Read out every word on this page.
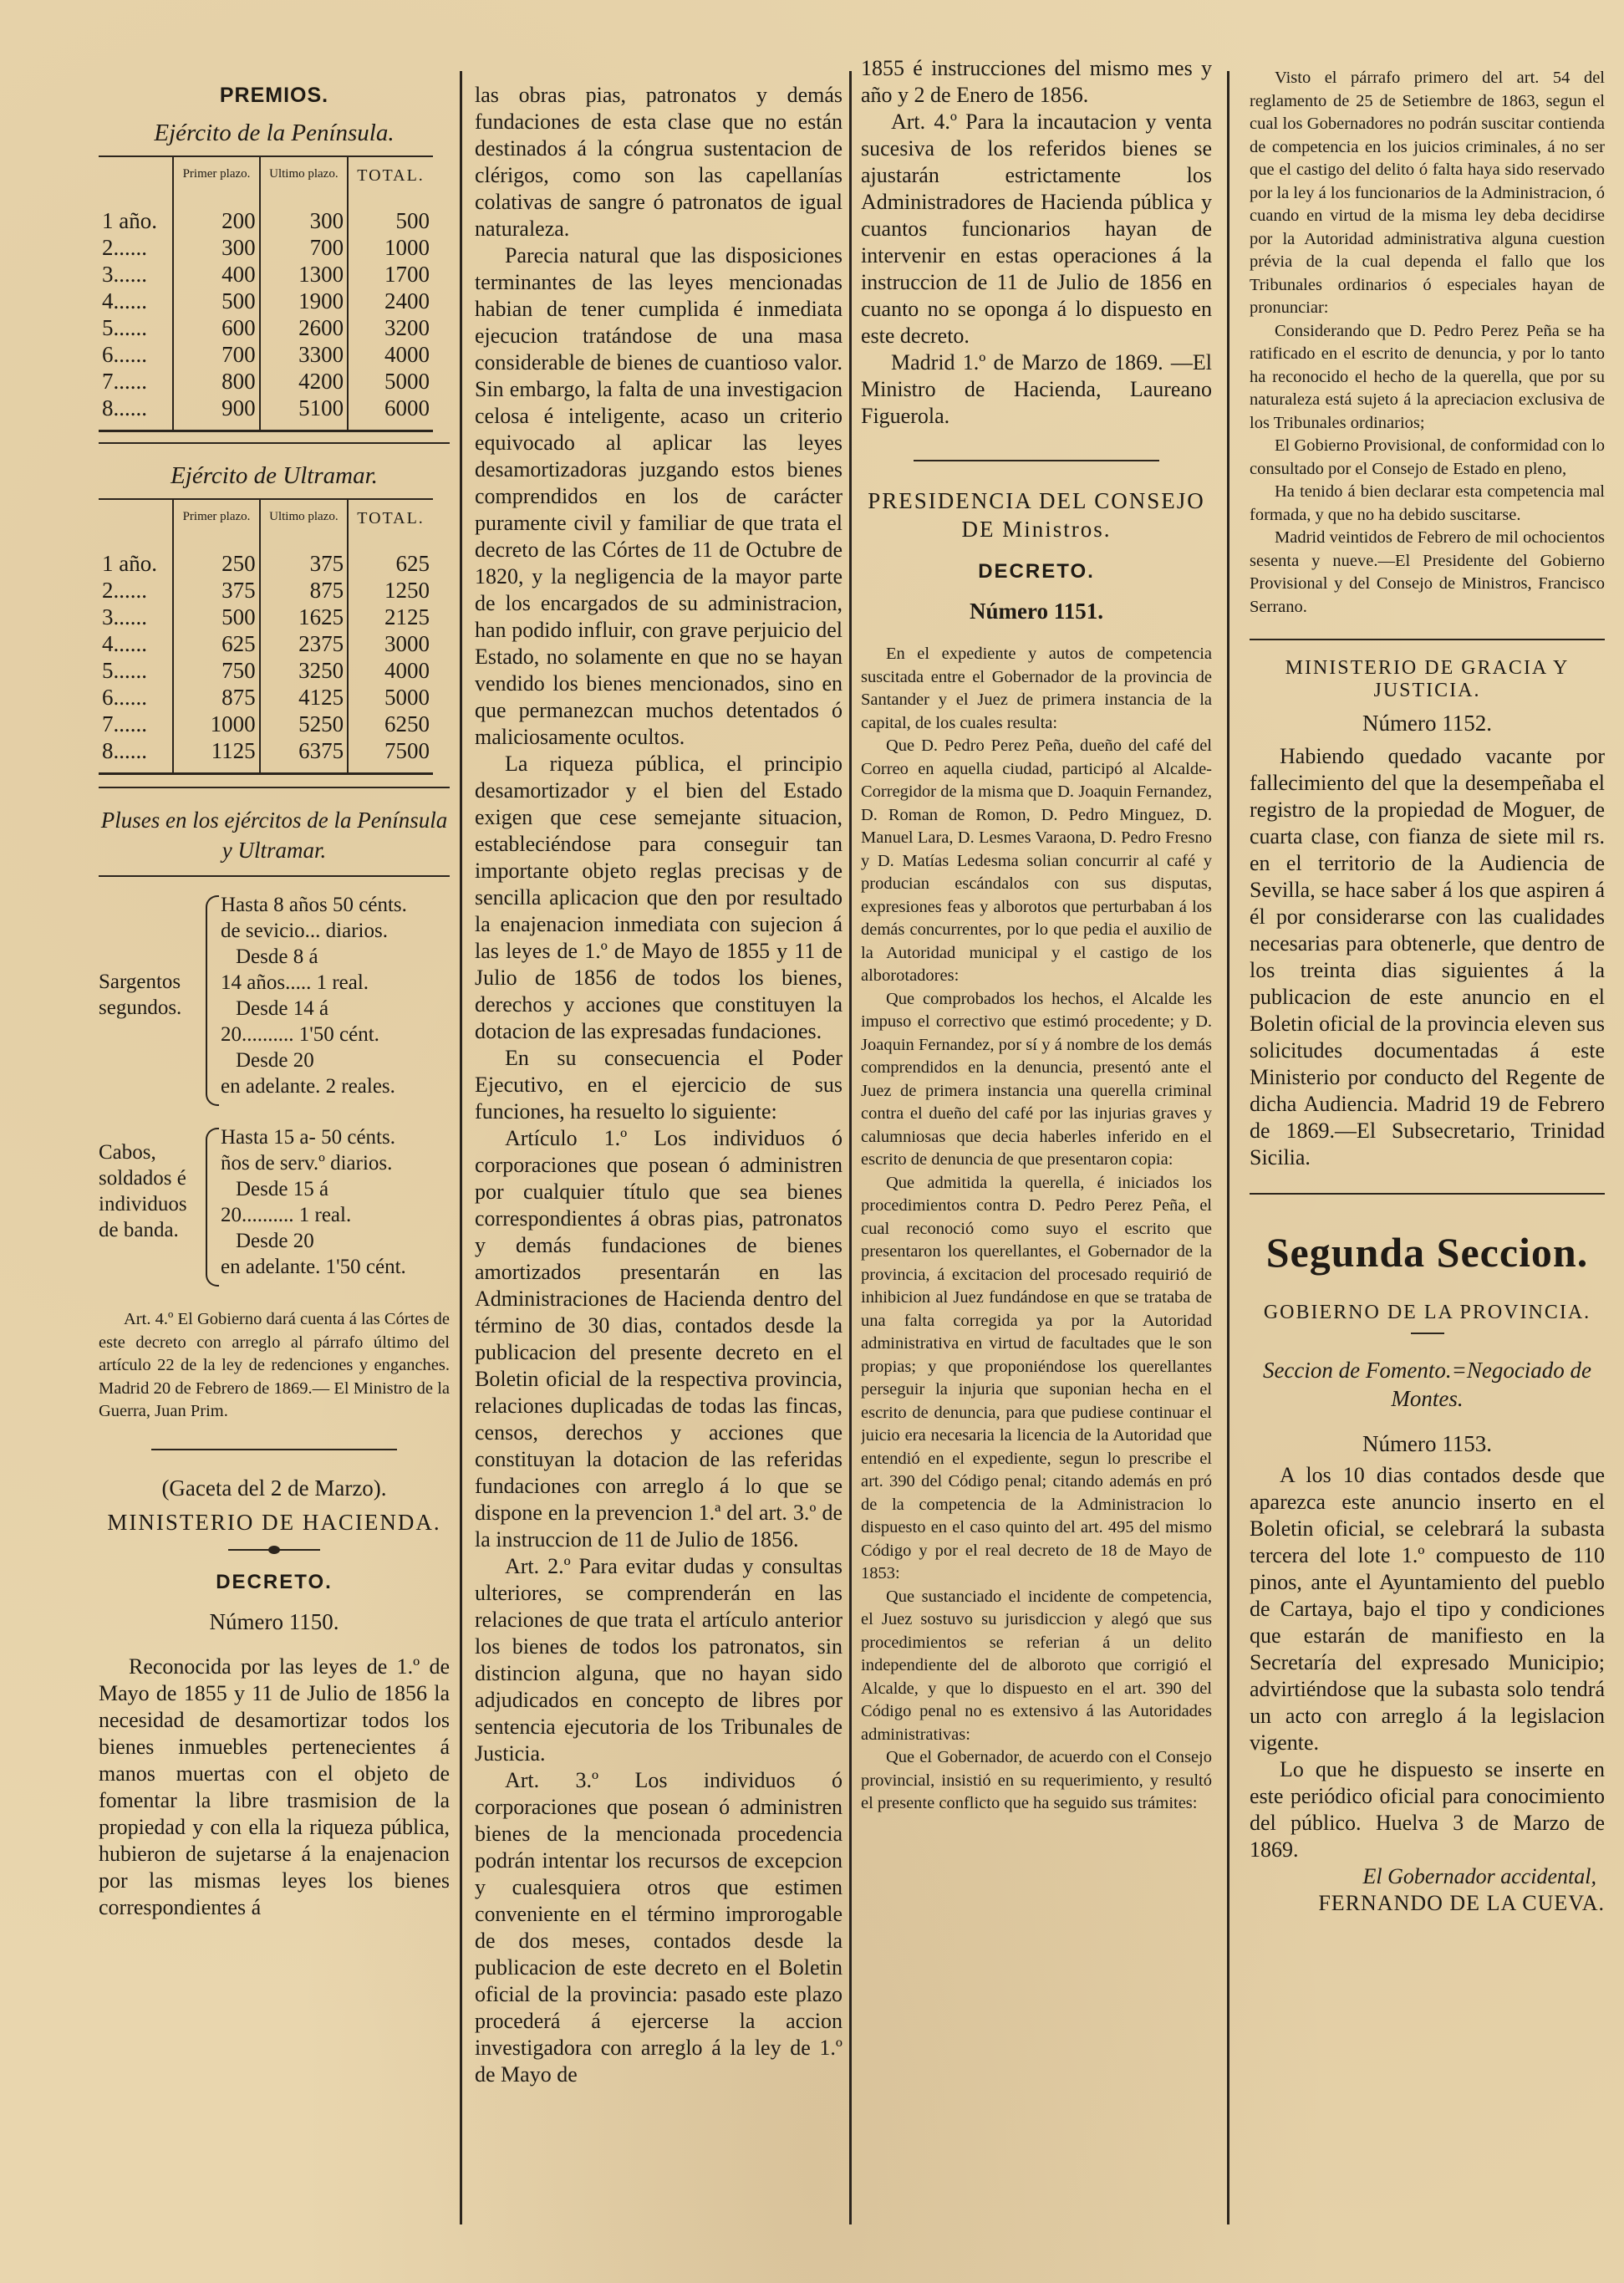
PREMIOS.
Ejército de la Península.
	Primer plazo.	Ultimo plazo.	TOTAL.
1 año.	200	300	500
2......	300	700	1000
3......	400	1300	1700
4......	500	1900	2400
5......	600	2600	3200
6......	700	3300	4000
7......	800	4200	5000
8......	900	5100	6000
Ejército de Ultramar.
	Primer plazo.	Ultimo plazo.	TOTAL.
1 año.	250	375	625
2......	375	875	1250
3......	500	1625	2125
4......	625	2375	3000
5......	750	3250	4000
6......	875	4125	5000
7......	1000	5250	6250
8......	1125	6375	7500
Pluses en los ejércitos de la Península y Ultramar.
Sargentos segundos.
Hasta 8 años 50 cénts.
de sevicio... diarios.
Desde 8 á
14 años..... 1 real.
Desde 14 á
20.......... 1'50 cént.
Desde 20
en adelante. 2 reales.
Cabos, soldados é individuos de banda.
Hasta 15 a- 50 cénts.
ños de serv.º diarios.
Desde 15 á
20.......... 1 real.
Desde 20
en adelante. 1'50 cént.

Art. 4.º El Gobierno dará cuenta á las Córtes de este decreto con arreglo al párrafo último del artículo 22 de la ley de redenciones y enganches. Madrid 20 de Febrero de 1869.— El Ministro de la Guerra, Juan Prim.

(Gaceta del 2 de Marzo).
MINISTERIO DE HACIENDA.
DECRETO.
Número 1150.

Reconocida por las leyes de 1.º de Mayo de 1855 y 11 de Julio de 1856 la necesidad de desamortizar todos los bienes inmuebles pertenecientes á manos muertas con el objeto de fomentar la libre trasmision de la propiedad y con ella la riqueza pública, hubieron de sujetarse á la enajenacion por las mismas leyes los bienes correspondientes á

las obras pias, patronatos y demás fundaciones de esta clase que no están destinados á la cóngrua sustentacion de clérigos, como son las capellanías colativas de sangre ó patronatos de igual naturaleza.

Parecia natural que las disposiciones terminantes de las leyes mencionadas habian de tener cumplida é inmediata ejecucion tratándose de una masa considerable de bienes de cuantioso valor. Sin embargo, la falta de una investigacion celosa é inteligente, acaso un criterio equivocado al aplicar las leyes desamortizadoras juzgando estos bienes comprendidos en los de carácter puramente civil y familiar de que trata el decreto de las Córtes de 11 de Octubre de 1820, y la negligencia de la mayor parte de los encargados de su administracion, han podido influir, con grave perjuicio del Estado, no solamente en que no se hayan vendido los bienes mencionados, sino en que permanezcan muchos detentados ó maliciosamente ocultos.

La riqueza pública, el principio desamortizador y el bien del Estado exigen que cese semejante situacion, estableciéndose para conseguir tan importante objeto reglas precisas y de sencilla aplicacion que den por resultado la enajenacion inmediata con sujecion á las leyes de 1.º de Mayo de 1855 y 11 de Julio de 1856 de todos los bienes, derechos y acciones que constituyen la dotacion de las expresadas fundaciones.

En su consecuencia el Poder Ejecutivo, en el ejercicio de sus funciones, ha resuelto lo siguiente:

Artículo 1.º Los individuos ó corporaciones que posean ó administren por cualquier título que sea bienes correspondientes á obras pias, patronatos y demás fundaciones de bienes amortizados presentarán en las Administraciones de Hacienda dentro del término de 30 dias, contados desde la publicacion del presente decreto en el Boletin oficial de la respectiva provincia, relaciones duplicadas de todas las fincas, censos, derechos y acciones que constituyan la dotacion de las referidas fundaciones con arreglo á lo que se dispone en la prevencion 1.ª del art. 3.º de la instruccion de 11 de Julio de 1856.

Art. 2.º Para evitar dudas y consultas ulteriores, se comprenderán en las relaciones de que trata el artículo anterior los bienes de todos los patronatos, sin distincion alguna, que no hayan sido adjudicados en concepto de libres por sentencia ejecutoria de los Tribunales de Justicia.

Art. 3.º Los individuos ó corporaciones que posean ó administren bienes de la mencionada procedencia podrán intentar los recursos de excepcion y cualesquiera otros que estimen conveniente en el término improrogable de dos meses, contados desde la publicacion de este decreto en el Boletin oficial de la provincia: pasado este plazo procederá á ejercerse la accion investigadora con arreglo á la ley de 1.º de Mayo de

1855 é instrucciones del mismo mes y año y 2 de Enero de 1856.

Art. 4.º Para la incautacion y venta sucesiva de los referidos bienes se ajustarán estrictamente los Administradores de Hacienda pública y cuantos funcionarios hayan de intervenir en estas operaciones á la instruccion de 11 de Julio de 1856 en cuanto no se oponga á lo dispuesto en este decreto.

Madrid 1.º de Marzo de 1869. —El Ministro de Hacienda, Laureano Figuerola.

PRESIDENCIA DEL CONSEJO DE Ministros.
DECRETO.
Número 1151.

En el expediente y autos de competencia suscitada entre el Gobernador de la provincia de Santander y el Juez de primera instancia de la capital, de los cuales resulta:

Que D. Pedro Perez Peña, dueño del café del Correo en aquella ciudad, participó al Alcalde-Corregidor de la misma que D. Joaquin Fernandez, D. Roman de Romon, D. Pedro Minguez, D. Manuel Lara, D. Lesmes Varaona, D. Pedro Fresno y D. Matías Ledesma solian concurrir al café y producian escándalos con sus disputas, expresiones feas y alborotos que perturbaban á los demás concurrentes, por lo que pedia el auxilio de la Autoridad municipal y el castigo de los alborotadores:

Que comprobados los hechos, el Alcalde les impuso el correctivo que estimó procedente; y D. Joaquin Fernandez, por sí y á nombre de los demás comprendidos en la denuncia, presentó ante el Juez de primera instancia una querella criminal contra el dueño del café por las injurias graves y calumniosas que decia haberles inferido en el escrito de denuncia de que presentaron copia:

Que admitida la querella, é iniciados los procedimientos contra D. Pedro Perez Peña, el cual reconoció como suyo el escrito que presentaron los querellantes, el Gobernador de la provincia, á excitacion del procesado requirió de inhibicion al Juez fundándose en que se trataba de una falta corregida ya por la Autoridad administrativa en virtud de facultades que le son propias; y que proponiéndose los querellantes perseguir la injuria que suponian hecha en el escrito de denuncia, para que pudiese continuar el juicio era necesaria la licencia de la Autoridad que entendió en el expediente, segun lo prescribe el art. 390 del Código penal; citando además en pró de la competencia de la Administracion lo dispuesto en el caso quinto del art. 495 del mismo Código y por el real decreto de 18 de Mayo de 1853:

Que sustanciado el incidente de competencia, el Juez sostuvo su jurisdiccion y alegó que sus procedimientos se referian á un delito independiente del de alboroto que corrigió el Alcalde, y que lo dispuesto en el art. 390 del Código penal no es extensivo á las Autoridades administrativas:

Que el Gobernador, de acuerdo con el Consejo provincial, insistió en su requerimiento, y resultó el presente conflicto que ha seguido sus trámites:

Visto el párrafo primero del art. 54 del reglamento de 25 de Setiembre de 1863, segun el cual los Gobernadores no podrán suscitar contienda de competencia en los juicios criminales, á no ser que el castigo del delito ó falta haya sido reservado por la ley á los funcionarios de la Administracion, ó cuando en virtud de la misma ley deba decidirse por la Autoridad administrativa alguna cuestion prévia de la cual dependa el fallo que los Tribunales ordinarios ó especiales hayan de pronunciar:

Considerando que D. Pedro Perez Peña se ha ratificado en el escrito de denuncia, y por lo tanto ha reconocido el hecho de la querella, que por su naturaleza está sujeto á la apreciacion exclusiva de los Tribunales ordinarios;

El Gobierno Provisional, de conformidad con lo consultado por el Consejo de Estado en pleno,

Ha tenido á bien declarar esta competencia mal formada, y que no ha debido suscitarse.

Madrid veintidos de Febrero de mil ochocientos sesenta y nueve.—El Presidente del Gobierno Provisional y del Consejo de Ministros, Francisco Serrano.

MINISTERIO DE GRACIA Y JUSTICIA.
Número 1152.

Habiendo quedado vacante por fallecimiento del que la desempeñaba el registro de la propiedad de Moguer, de cuarta clase, con fianza de siete mil rs. en el territorio de la Audiencia de Sevilla, se hace saber á los que aspiren á él por considerarse con las cualidades necesarias para obtenerle, que dentro de los treinta dias siguientes á la publicacion de este anuncio en el Boletin oficial de la provincia eleven sus solicitudes documentadas á este Ministerio por conducto del Regente de dicha Audiencia. Madrid 19 de Febrero de 1869.—El Subsecretario, Trinidad Sicilia.

Segunda Seccion.
GOBIERNO DE LA PROVINCIA.
Seccion de Fomento.=Negociado de Montes.
Número 1153.

A los 10 dias contados desde que aparezca este anuncio inserto en el Boletin oficial, se celebrará la subasta tercera del lote 1.º compuesto de 110 pinos, ante el Ayuntamiento del pueblo de Cartaya, bajo el tipo y condiciones que estarán de manifiesto en la Secretaría del expresado Municipio; advirtiéndose que la subasta solo tendrá un acto con arreglo á la legislacion vigente.

Lo que he dispuesto se inserte en este periódico oficial para conocimiento del público. Huelva 3 de Marzo de 1869.

El Gobernador accidental,

FERNANDO DE LA CUEVA.
